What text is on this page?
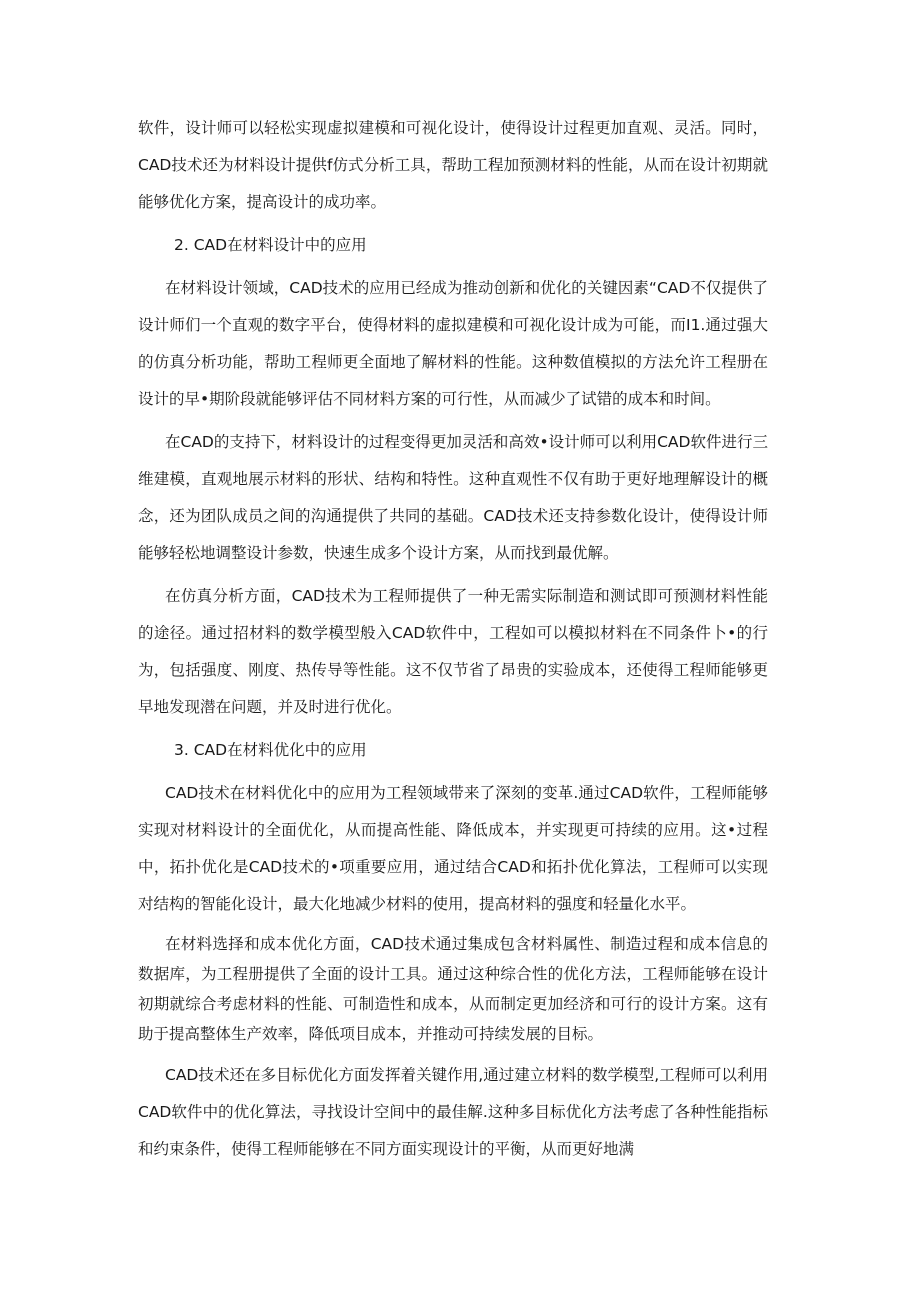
软件，设计师可以轻松实现虚拟建模和可视化设计，使得设计过程更加直观、灵活。同时，CAD技术还为材料设计提供f仿式分析工具，帮助工程加预测材料的性能，从而在设计初期就能够优化方案，提高设计的成功率。

2. CAD在材料设计中的应用

在材料设计领域，CAD技术的应用已经成为推动创新和优化的关键因素“CAD不仅提供了设计师们一个直观的数字平台，使得材料的虚拟建模和可视化设计成为可能，而I1.通过强大的仿真分析功能，帮助工程师更全面地了解材料的性能。这种数值模拟的方法允许工程册在设计的早•期阶段就能够评估不同材料方案的可行性，从而减少了试错的成本和时间。

在CAD的支持下，材料设计的过程变得更加灵活和高效•设计师可以利用CAD软件进行三维建模，直观地展示材料的形状、结构和特性。这种直观性不仅有助于更好地理解设计的概念，还为团队成员之间的沟通提供了共同的基础。CAD技术还支持参数化设计，使得设计师能够轻松地调整设计参数，快速生成多个设计方案，从而找到最优解。

在仿真分析方面，CAD技术为工程师提供了一种无需实际制造和测试即可预测材料性能的途径。通过招材料的数学模型般入CAD软件中，工程如可以模拟材料在不同条件卜•的行为，包括强度、刚度、热传导等性能。这不仅节省了昂贵的实验成本，还使得工程师能够更早地发现潜在问题，并及时进行优化。

3. CAD在材料优化中的应用

CAD技术在材料优化中的应用为工程领域带来了深刻的变革.通过CAD软件，工程师能够实现对材料设计的全面优化，从而提高性能、降低成本，并实现更可持续的应用。这•过程中，拓扑优化是CAD技术的•项重要应用，通过结合CAD和拓扑优化算法，工程师可以实现对结构的智能化设计，最大化地减少材料的使用，提高材料的强度和轻量化水平。

在材料选择和成本优化方面，CAD技术通过集成包含材料属性、制造过程和成本信息的数据库，为工程册提供了全面的设计工具。通过这种综合性的优化方法，工程师能够在设计初期就综合考虑材料的性能、可制造性和成本，从而制定更加经济和可行的设计方案。这有助于提高整体生产效率，降低项目成本，并推动可持续发展的目标。

CAD技术还在多目标优化方面发挥着关键作用,通过建立材料的数学模型,工程师可以利用CAD软件中的优化算法，寻找设计空间中的最佳解.这种多目标优化方法考虑了各种性能指标和约束条件，使得工程师能够在不同方面实现设计的平衡，从而更好地满
